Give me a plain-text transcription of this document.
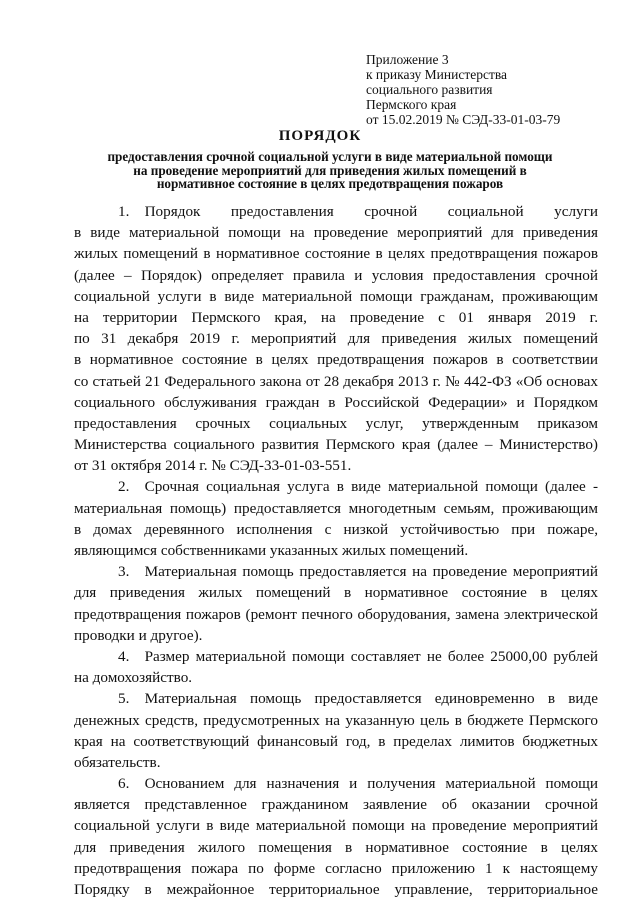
Приложение 3
к приказу Министерства
социального развития
Пермского края
от 15.02.2019 № СЭД-33-01-03-79
ПОРЯДОК
предоставления срочной социальной услуги в виде материальной помощи
на проведение мероприятий для приведения жилых помещений в
нормативное состояние в целях предотвращения пожаров
1. Порядок предоставления срочной социальной услуги
в виде материальной помощи на проведение мероприятий для приведения
жилых помещений в нормативное состояние в целях предотвращения пожаров
(далее – Порядок) определяет правила и условия предоставления срочной
социальной услуги в виде материальной помощи гражданам, проживающим
на территории Пермского края, на проведение с 01 января 2019 г.
по 31 декабря 2019 г. мероприятий для приведения жилых помещений
в нормативное состояние в целях предотвращения пожаров в соответствии
со статьей 21 Федерального закона от 28 декабря 2013 г. № 442-ФЗ «Об основах
социального обслуживания граждан в Российской Федерации» и Порядком
предоставления срочных социальных услуг, утвержденным приказом
Министерства социального развития Пермского края (далее – Министерство)
от 31 октября 2014 г. № СЭД-33-01-03-551.
2. Срочная социальная услуга в виде материальной помощи (далее -
материальная помощь) предоставляется многодетным семьям, проживающим
в домах деревянного исполнения с низкой устойчивостью при пожаре,
являющимся собственниками указанных жилых помещений.
3. Материальная помощь предоставляется на проведение мероприятий
для приведения жилых помещений в нормативное состояние в целях
предотвращения пожаров (ремонт печного оборудования, замена электрической
проводки и другое).
4. Размер материальной помощи составляет не более 25000,00 рублей
на домохозяйство.
5. Материальная помощь предоставляется единовременно в виде
денежных средств, предусмотренных на указанную цель в бюджете Пермского
края на соответствующий финансовый год, в пределах лимитов бюджетных
обязательств.
6. Основанием для назначения и получения материальной помощи
является представленное гражданином заявление об оказании срочной
социальной услуги в виде материальной помощи на проведение мероприятий
для приведения жилого помещения в нормативное состояние в целях
предотвращения пожара по форме согласно приложению 1 к настоящему
Порядку в межрайонное территориальное управление, территориальное
